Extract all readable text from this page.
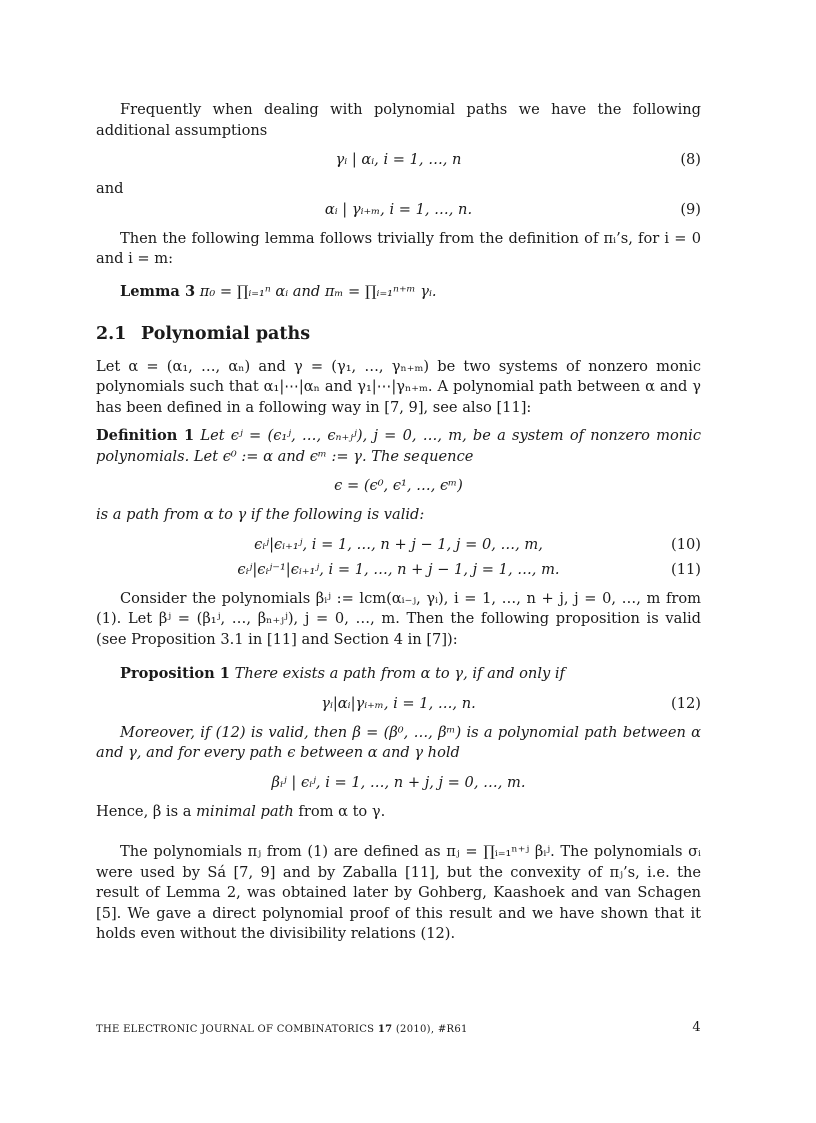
Frequently when dealing with polynomial paths we have the following additional assumptions

γᵢ | αᵢ, i = 1, …, n	(8)

and

αᵢ | γᵢ₊ₘ, i = 1, …, n.	(9)

Then the following lemma follows trivially from the definition of πᵢ’s, for i = 0 and i = m:

Lemma 3 π₀ = ∏ᵢ₌₁ⁿ αᵢ and πₘ = ∏ᵢ₌₁ⁿ⁺ᵐ γᵢ.

2.1 Polynomial paths

Let α = (α₁, …, αₙ) and γ = (γ₁, …, γₙ₊ₘ) be two systems of nonzero monic polynomials such that α₁|⋯|αₙ and γ₁|⋯|γₙ₊ₘ. A polynomial path between α and γ has been defined in a following way in [7, 9], see also [11]:

Definition 1 Let ϵʲ = (ϵ₁ʲ, …, ϵₙ₊ⱼʲ), j = 0, …, m, be a system of nonzero monic polynomials. Let ϵ⁰ := α and ϵᵐ := γ. The sequence

ϵ = (ϵ⁰, ϵ¹, …, ϵᵐ)

is a path from α to γ if the following is valid:

ϵᵢʲ|ϵᵢ₊₁ʲ, i = 1, …, n + j − 1, j = 0, …, m,	(10)
ϵᵢʲ|ϵᵢʲ⁻¹|ϵᵢ₊₁ʲ, i = 1, …, n + j − 1, j = 1, …, m.	(11)

Consider the polynomials βᵢʲ := lcm(αᵢ₋ⱼ, γᵢ), i = 1, …, n + j, j = 0, …, m from (1). Let βʲ = (β₁ʲ, …, βₙ₊ⱼʲ), j = 0, …, m. Then the following proposition is valid (see Proposition 3.1 in [11] and Section 4 in [7]):

Proposition 1 There exists a path from α to γ, if and only if

γᵢ|αᵢ|γᵢ₊ₘ, i = 1, …, n.	(12)

Moreover, if (12) is valid, then β = (β⁰, …, βᵐ) is a polynomial path between α and γ, and for every path ϵ between α and γ hold

βᵢʲ | ϵᵢʲ, i = 1, …, n + j, j = 0, …, m.

Hence, β is a minimal path from α to γ.

The polynomials πⱼ from (1) are defined as πⱼ = ∏ᵢ₌₁ⁿ⁺ʲ βᵢʲ. The polynomials σᵢ were used by Sá [7, 9] and by Zaballa [11], but the convexity of πⱼ’s, i.e. the result of Lemma 2, was obtained later by Gohberg, Kaashoek and van Schagen [5]. We gave a direct polynomial proof of this result and we have shown that it holds even without the divisibility relations (12).

THE ELECTRONIC JOURNAL OF COMBINATORICS 17 (2010), #R61	4
